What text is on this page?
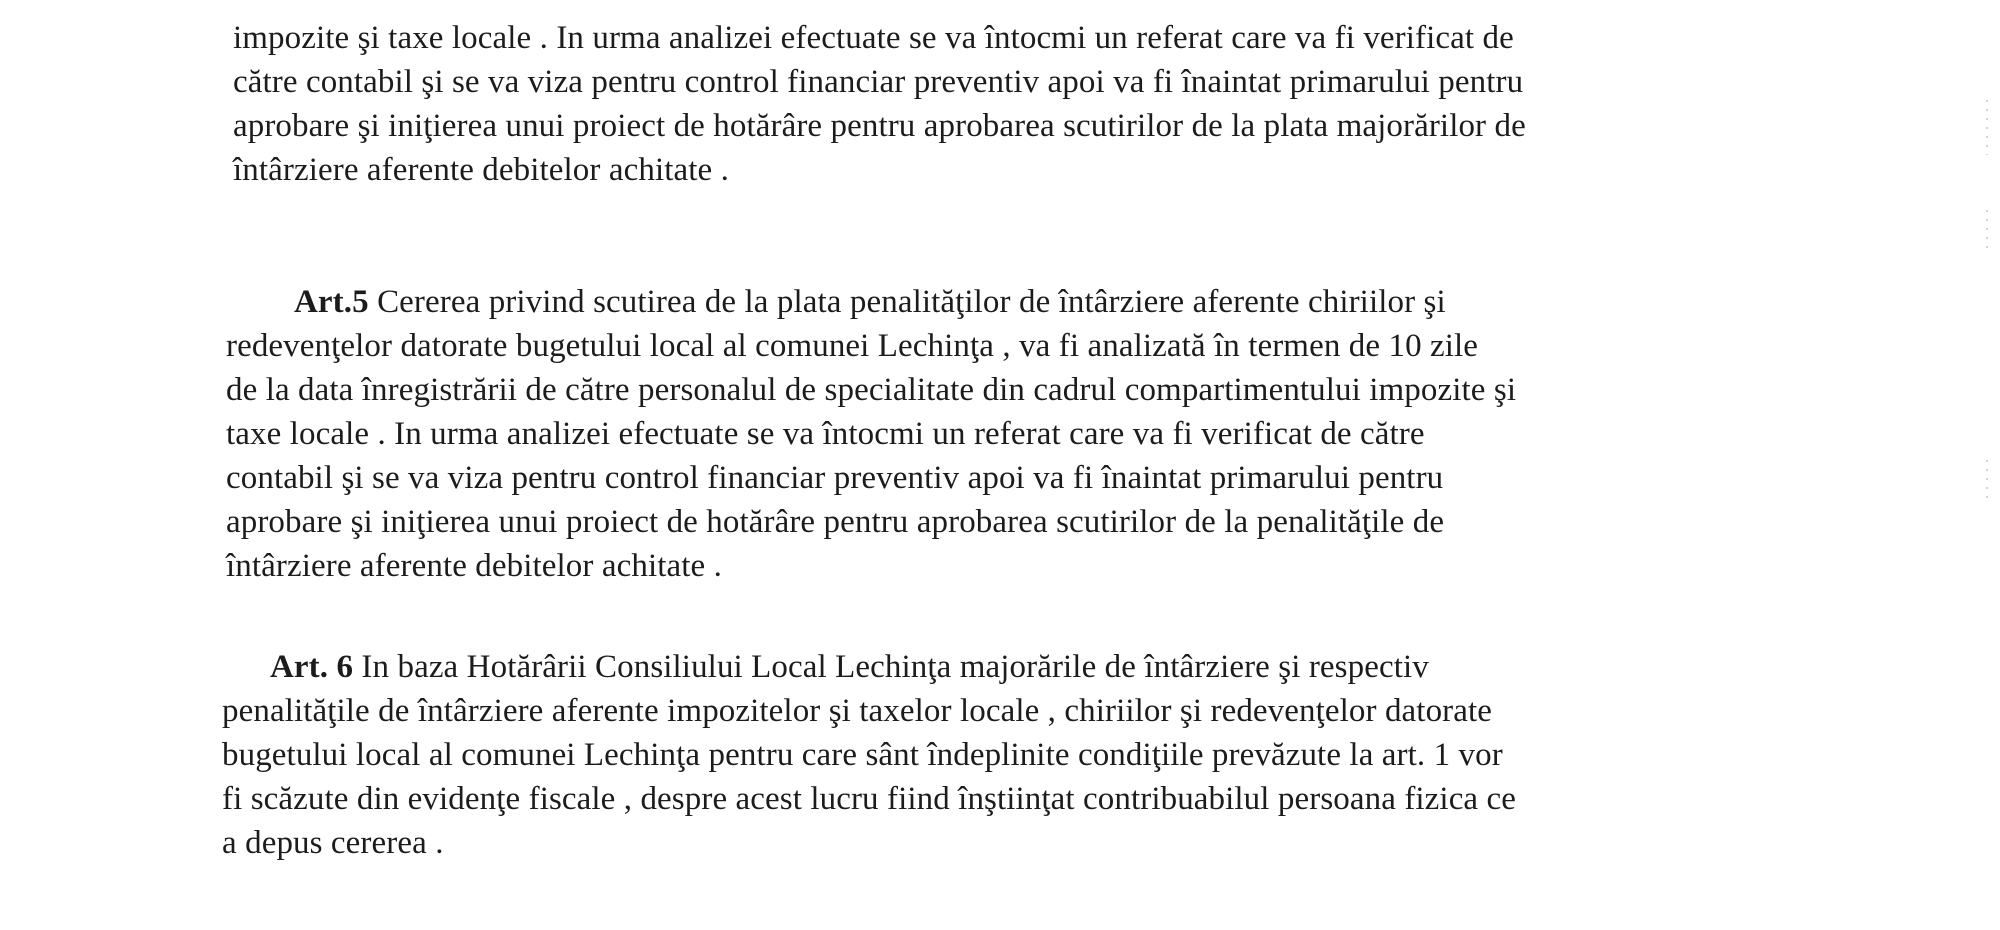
impozite şi taxe locale . In urma analizei efectuate se va întocmi un referat care va fi verificat de
către contabil şi se va viza pentru control financiar preventiv apoi va fi înaintat primarului pentru
aprobare şi iniţierea unui proiect de hotărâre pentru aprobarea scutirilor de la plata majorărilor de
întârziere aferente debitelor achitate .
Art.5 Cererea privind scutirea de la plata penalităţilor de întârziere aferente chiriilor şi
redevenţelor datorate bugetului local al comunei Lechinţa , va fi analizată în termen de 10 zile
de la data înregistrării de către personalul de specialitate din cadrul compartimentului impozite şi
taxe locale . In urma analizei efectuate se va întocmi un referat care va fi verificat de către
contabil şi se va viza pentru control financiar preventiv apoi va fi înaintat primarului pentru
aprobare şi iniţierea unui proiect de hotărâre pentru aprobarea scutirilor de la penalităţile de
întârziere aferente debitelor achitate .
Art. 6 In baza Hotărârii Consiliului Local Lechinţa majorările de întârziere şi respectiv
penalităţile de întârziere aferente impozitelor şi taxelor locale , chiriilor şi redevenţelor datorate
bugetului local al comunei Lechinţa pentru care sânt îndeplinite condiţiile prevăzute la art. 1 vor
fi scăzute din evidenţe fiscale , despre acest lucru fiind înştiinţat contribuabilul persoana fizica ce
a depus cererea .
